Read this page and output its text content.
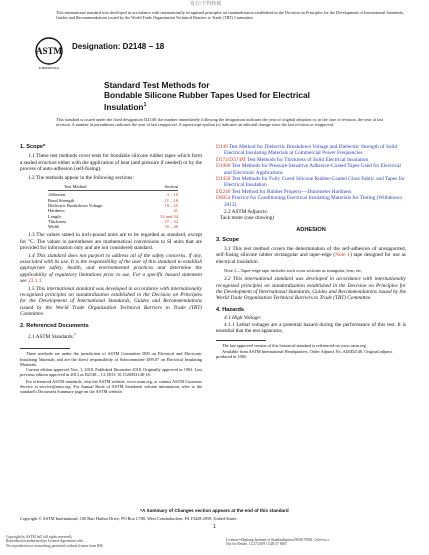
发行/不得转载
This international standard was developed in accordance with internationally recognized principles on standardization established in the Decision on Principles for the Development of International Standards, Guides and Recommendations issued by the World Trade Organization Technical Barriers to Trade (TBT) Committee.
ASTM
INTERNATIONAL
Designation: D2148 − 18
Standard Test Methods for
Bondable Silicone Rubber Tapes Used for Electrical
Insulation$^1$
This standard is issued under the fixed designation D2148; the number immediately following the designation indicates the year of original adoption or, in the case of revision, the year of last revision. A number in parentheses indicates the year of last reapproval. A superscript epsilon (ε) indicates an editorial change since the last revision or reapproval.
1. Scope*

1.1 These test methods cover tests for bondable silicone rubber tapes which form a sealed structure either with the application of heat (and pressure if needed) or by the process of auto-adhesion (self-fusing).

1.2 The methods appear in the following sections:

Test Method	Section
Adhesion	3 – 10
Bond Strength	11 – 16
Dielectric Breakdown Voltage	19 – 25
Hardness	41
Length	33 and 34
Thickness	27 – 32
Width	35 – 40

1.3 The values stated in inch-pound units are to be regarded as standard, except for °C. The values in parentheses are mathematical conversions to SI units that are provided for information only and are not considered standard.

1.4 This standard does not purport to address all of the safety concerns, if any, associated with its use. It is the responsibility of the user of this standard to establish appropriate safety, health, and environmental practices and determine the applicability of regulatory limitations prior to use. For a specific hazard statement see 23.1.1.

1.5 This international standard was developed in accordance with internationally recognized principles on standardization established in the Decision on Principles for the Development of International Standards, Guides and Recommendations issued by the World Trade Organization Technical Barriers to Trade (TBT) Committee.

2. Referenced Documents

2.1 ASTM Standards:$^2$

These methods are under the jurisdiction of ASTM Committee D09 on Electrical and Electronic Insulating Materials and are the direct responsibility of Subcommittee D09.07 on Electrical Insulating Materials.
Current edition approved Nov. 1, 2018. Published December 2018. Originally approved in 1963. Last previous edition approved in 2013 as D2148 – 13. DOI: 10.1520/D2148-18.
For referenced ASTM standards, visit the ASTM website, www.astm.org, or contact ASTM Customer Service at service@astm.org. For Annual Book of ASTM Standards volume information, refer to the standard's Document Summary page on the ASTM website.

D149 Test Method for Dielectric Breakdown Voltage and Dielectric Strength of Solid Electrical Insulating Materials at Commercial Power Frequencies

D374/D374M Test Methods for Thickness of Solid Electrical Insulation

D1000 Test Methods for Pressure-Sensitive Adhesive-Coated Tapes Used for Electrical and Electronic Applications

D1458 Test Methods for Fully Cured Silicone Rubber-Coated Glass Fabric and Tapes for Electrical Insulation

D2240 Test Method for Rubber Property—Durometer Hardness

D6054 Practice for Conditioning Electrical Insulating Materials for Testing (Withdrawn 2012)

2.2 ASTM Adjuncts:

Tack tester (one drawing)

ADHESION
3. Scope

3.1 This test method covers the determination of the self-adhesion of unsupported, self-fusing silicone rubber rectangular and taper-edge (Note 1) tape designed for use as electrical insulation.

Note 1—Taper-edge tape includes such cross sections as triangular, lens, etc.

3.2 This international standard was developed in accordance with internationally recognized principles on standardization established in the Decision on Principles for the Development of International Standards, Guides and Recommendations issued by the World Trade Organization Technical Barriers to Trade (TBT) Committee.

4. Hazards

4.1 High Voltage:

4.1.1 Lethal voltages are a potential hazard during the performance of this test. It is essential that the test apparatus,

The last approved version of this historical standard is referenced on www.astm.org.
Available from ASTM International Headquarters. Order Adjunct No. ADJD2148. Original adjunct produced in 1965.
*A Summary of Changes section appears at the end of this standard
Copyright © ASTM International, 100 Barr Harbor Drive, PO Box C700, West Conshohocken, PA 19428-2959. United States
1
Copyright by ASTM Int'l (all rights reserved);
Reproduction authorized per License Agreement with …
No reproduction or networking permitted without license from IHS
Licensee=Zhejiang Institute of Standardization/5958175001, User=xx, r
Not for Resale, 12/27/2019 13:28:37 MST
